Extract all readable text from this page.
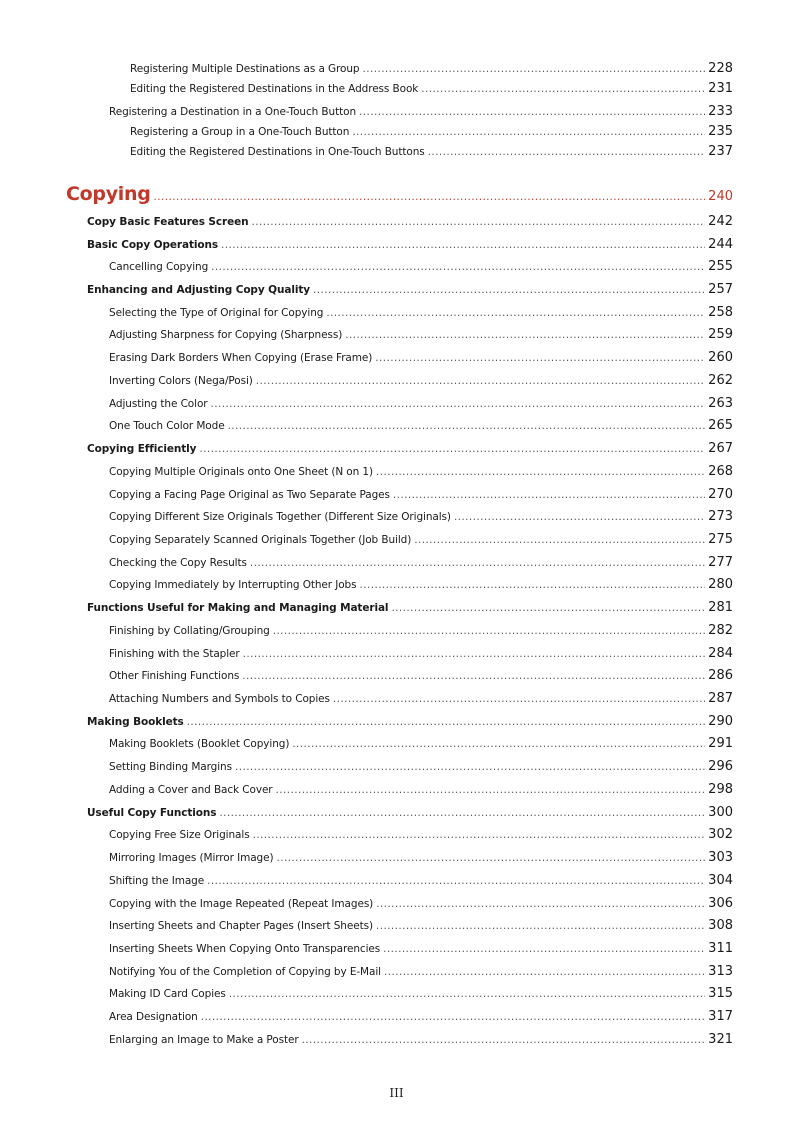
Registering Multiple Destinations as a Group .....	228
Editing the Registered Destinations in the Address Book .....	231
Registering a Destination in a One-Touch Button .....	233
Registering a Group in a One-Touch Button .....	235
Editing the Registered Destinations in One-Touch Buttons .....	237
Copying .....	240
Copy Basic Features Screen .....	242
Basic Copy Operations .....	244
Cancelling Copying .....	255
Enhancing and Adjusting Copy Quality .....	257
Selecting the Type of Original for Copying .....	258
Adjusting Sharpness for Copying (Sharpness) .....	259
Erasing Dark Borders When Copying (Erase Frame) .....	260
Inverting Colors (Nega/Posi) .....	262
Adjusting the Color .....	263
One Touch Color Mode .....	265
Copying Efficiently .....	267
Copying Multiple Originals onto One Sheet (N on 1) .....	268
Copying a Facing Page Original as Two Separate Pages .....	270
Copying Different Size Originals Together (Different Size Originals) .....	273
Copying Separately Scanned Originals Together (Job Build) .....	275
Checking the Copy Results .....	277
Copying Immediately by Interrupting Other Jobs .....	280
Functions Useful for Making and Managing Material .....	281
Finishing by Collating/Grouping .....	282
Finishing with the Stapler .....	284
Other Finishing Functions .....	286
Attaching Numbers and Symbols to Copies .....	287
Making Booklets .....	290
Making Booklets (Booklet Copying) .....	291
Setting Binding Margins .....	296
Adding a Cover and Back Cover .....	298
Useful Copy Functions .....	300
Copying Free Size Originals .....	302
Mirroring Images (Mirror Image) .....	303
Shifting the Image .....	304
Copying with the Image Repeated (Repeat Images) .....	306
Inserting Sheets and Chapter Pages (Insert Sheets) .....	308
Inserting Sheets When Copying Onto Transparencies .....	311
Notifying You of the Completion of Copying by E-Mail .....	313
Making ID Card Copies .....	315
Area Designation .....	317
Enlarging an Image to Make a Poster .....	321
III
